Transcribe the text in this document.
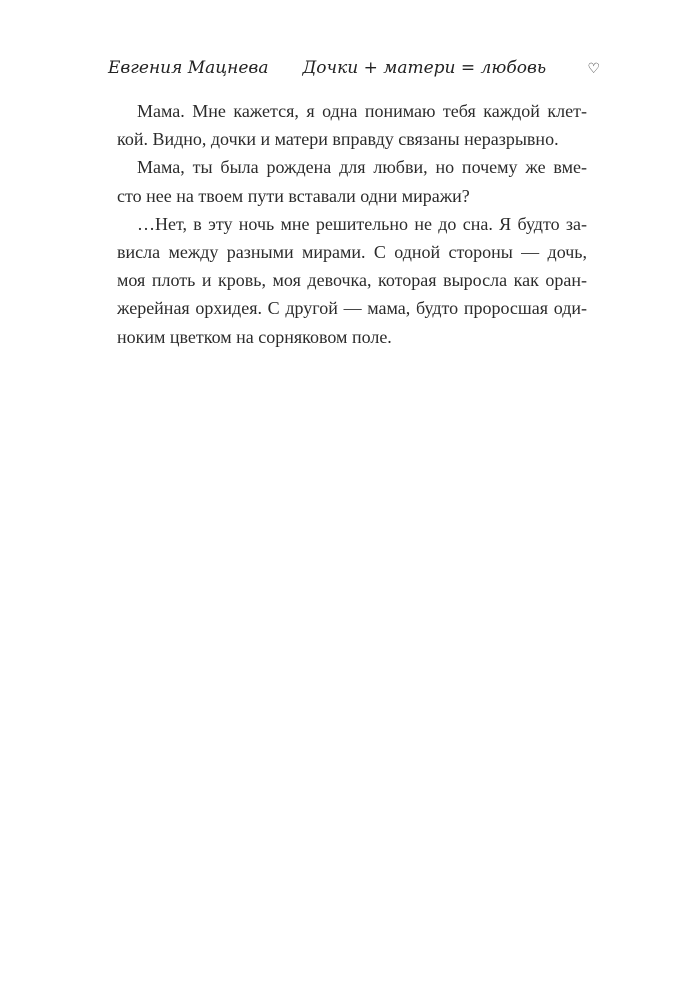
Евгения Мацнева Дочки + матери = любовь	♡
Мама. Мне кажется, я одна понимаю тебя каждой клет-
кой. Видно, дочки и матери вправду связаны неразрывно.
Мама, ты была рождена для любви, но почему же вме-
сто нее на твоем пути вставали одни миражи?
…Нет, в эту ночь мне решительно не до сна. Я будто за-
висла между разными мирами. С одной стороны — дочь,
моя плоть и кровь, моя девочка, которая выросла как оран-
жерейная орхидея. С другой — мама, будто проросшая оди-
ноким цветком на сорняковом поле.
